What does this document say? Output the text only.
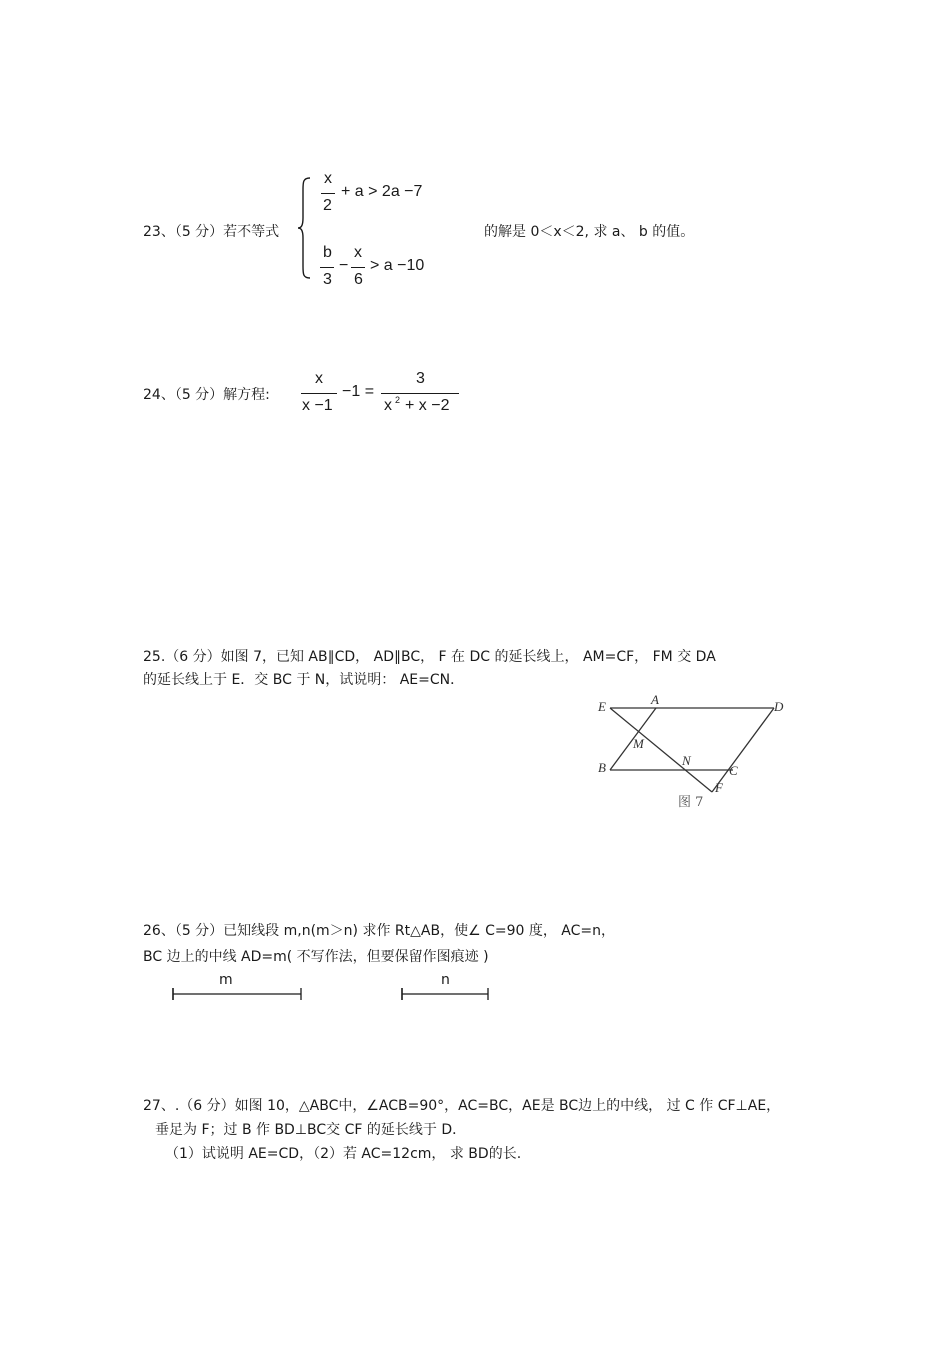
23、（5 分）若不等式
x
2
+ a > 2a −7
b
3
−
x
6
> a −10
的解是 0＜x＜2, 求 a、 b 的值。
24、（5 分）解方程:
x
x −1
−1 =
3
x 2 + x −2
25.（6 分）如图 7，已知 AB∥CD， AD∥BC， F 在 DC 的延长线上， AM=CF， FM 交 DA
的延长线上于 E．交 BC 于 N，试说明： AE=CN．
E	A	D
M
B	N
C
F
图 7
26、（5 分）已知线段 m,n(m＞n) 求作 Rt△AB，使∠ C=90 度， AC=n，
BC 边上的中线 AD=m( 不写作法，但要保留作图痕迹 )
m	n
27、.（6 分）如图 10，△ABC中，∠ACB=90°，AC=BC，AE是 BC边上的中线， 过 C 作 CF⊥AE，
垂足为 F；过 B 作 BD⊥BC交 CF 的延长线于 D．
（1）试说明 AE=CD，（2）若 AC=12cm， 求 BD的长.
